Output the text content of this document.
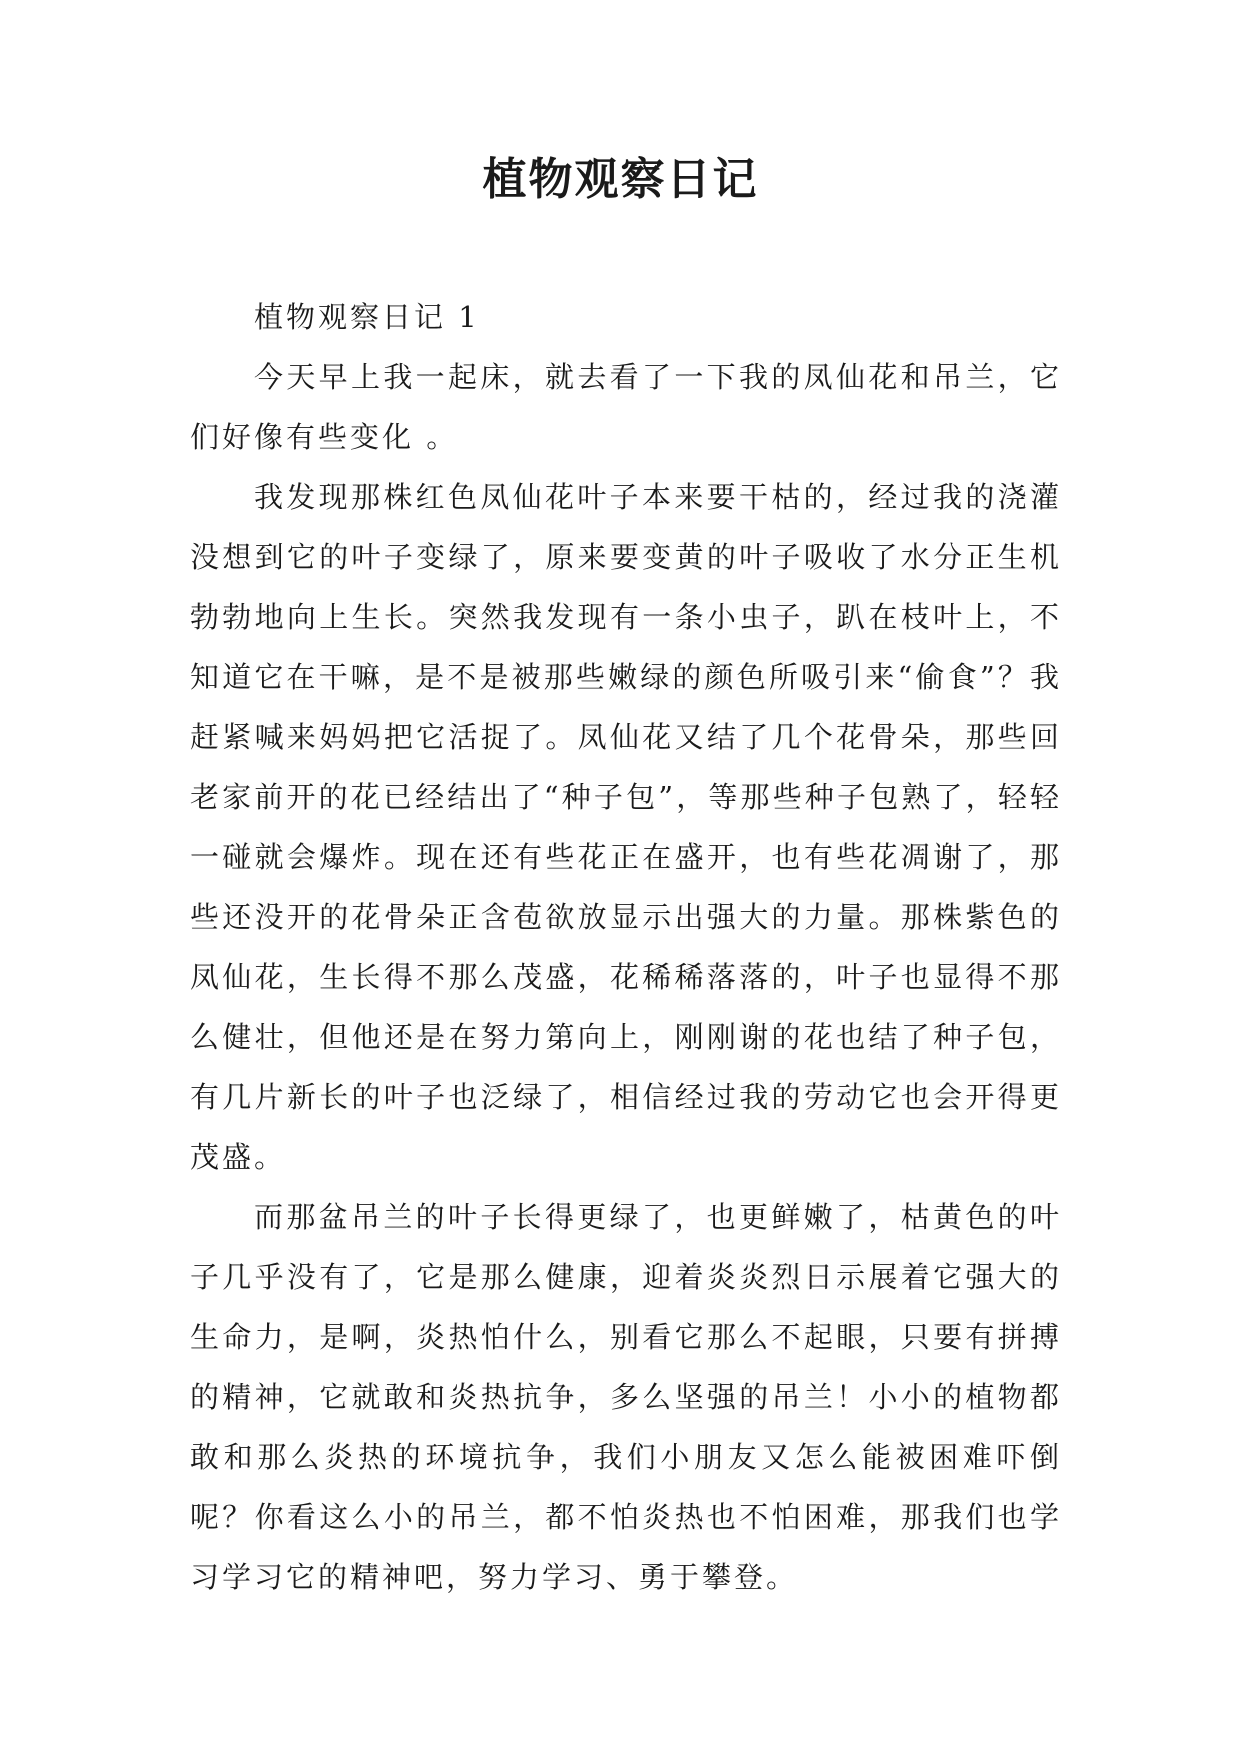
植物观察日记

植物观察日记 1

今天早上我一起床，就去看了一下我的凤仙花和吊兰，它们好像有些变化 。

我发现那株红色凤仙花叶子本来要干枯的，经过我的浇灌没想到它的叶子变绿了，原来要变黄的叶子吸收了水分正生机勃勃地向上生长。突然我发现有一条小虫子，趴在枝叶上，不知道它在干嘛，是不是被那些嫩绿的颜色所吸引来“偷食”？我赶紧喊来妈妈把它活捉了。凤仙花又结了几个花骨朵，那些回老家前开的花已经结出了“种子包”，等那些种子包熟了，轻轻一碰就会爆炸。现在还有些花正在盛开，也有些花凋谢了，那些还没开的花骨朵正含苞欲放显示出强大的力量。那株紫色的凤仙花，生长得不那么茂盛，花稀稀落落的，叶子也显得不那么健壮，但他还是在努力第向上，刚刚谢的花也结了种子包，有几片新长的叶子也泛绿了，相信经过我的劳动它也会开得更茂盛。

而那盆吊兰的叶子长得更绿了，也更鲜嫩了，枯黄色的叶子几乎没有了，它是那么健康，迎着炎炎烈日示展着它强大的生命力，是啊，炎热怕什么，别看它那么不起眼，只要有拼搏的精神，它就敢和炎热抗争，多么坚强的吊兰！小小的植物都敢和那么炎热的环境抗争，我们小朋友又怎么能被困难吓倒呢？你看这么小的吊兰，都不怕炎热也不怕困难，那我们也学习学习它的精神吧，努力学习、勇于攀登。
